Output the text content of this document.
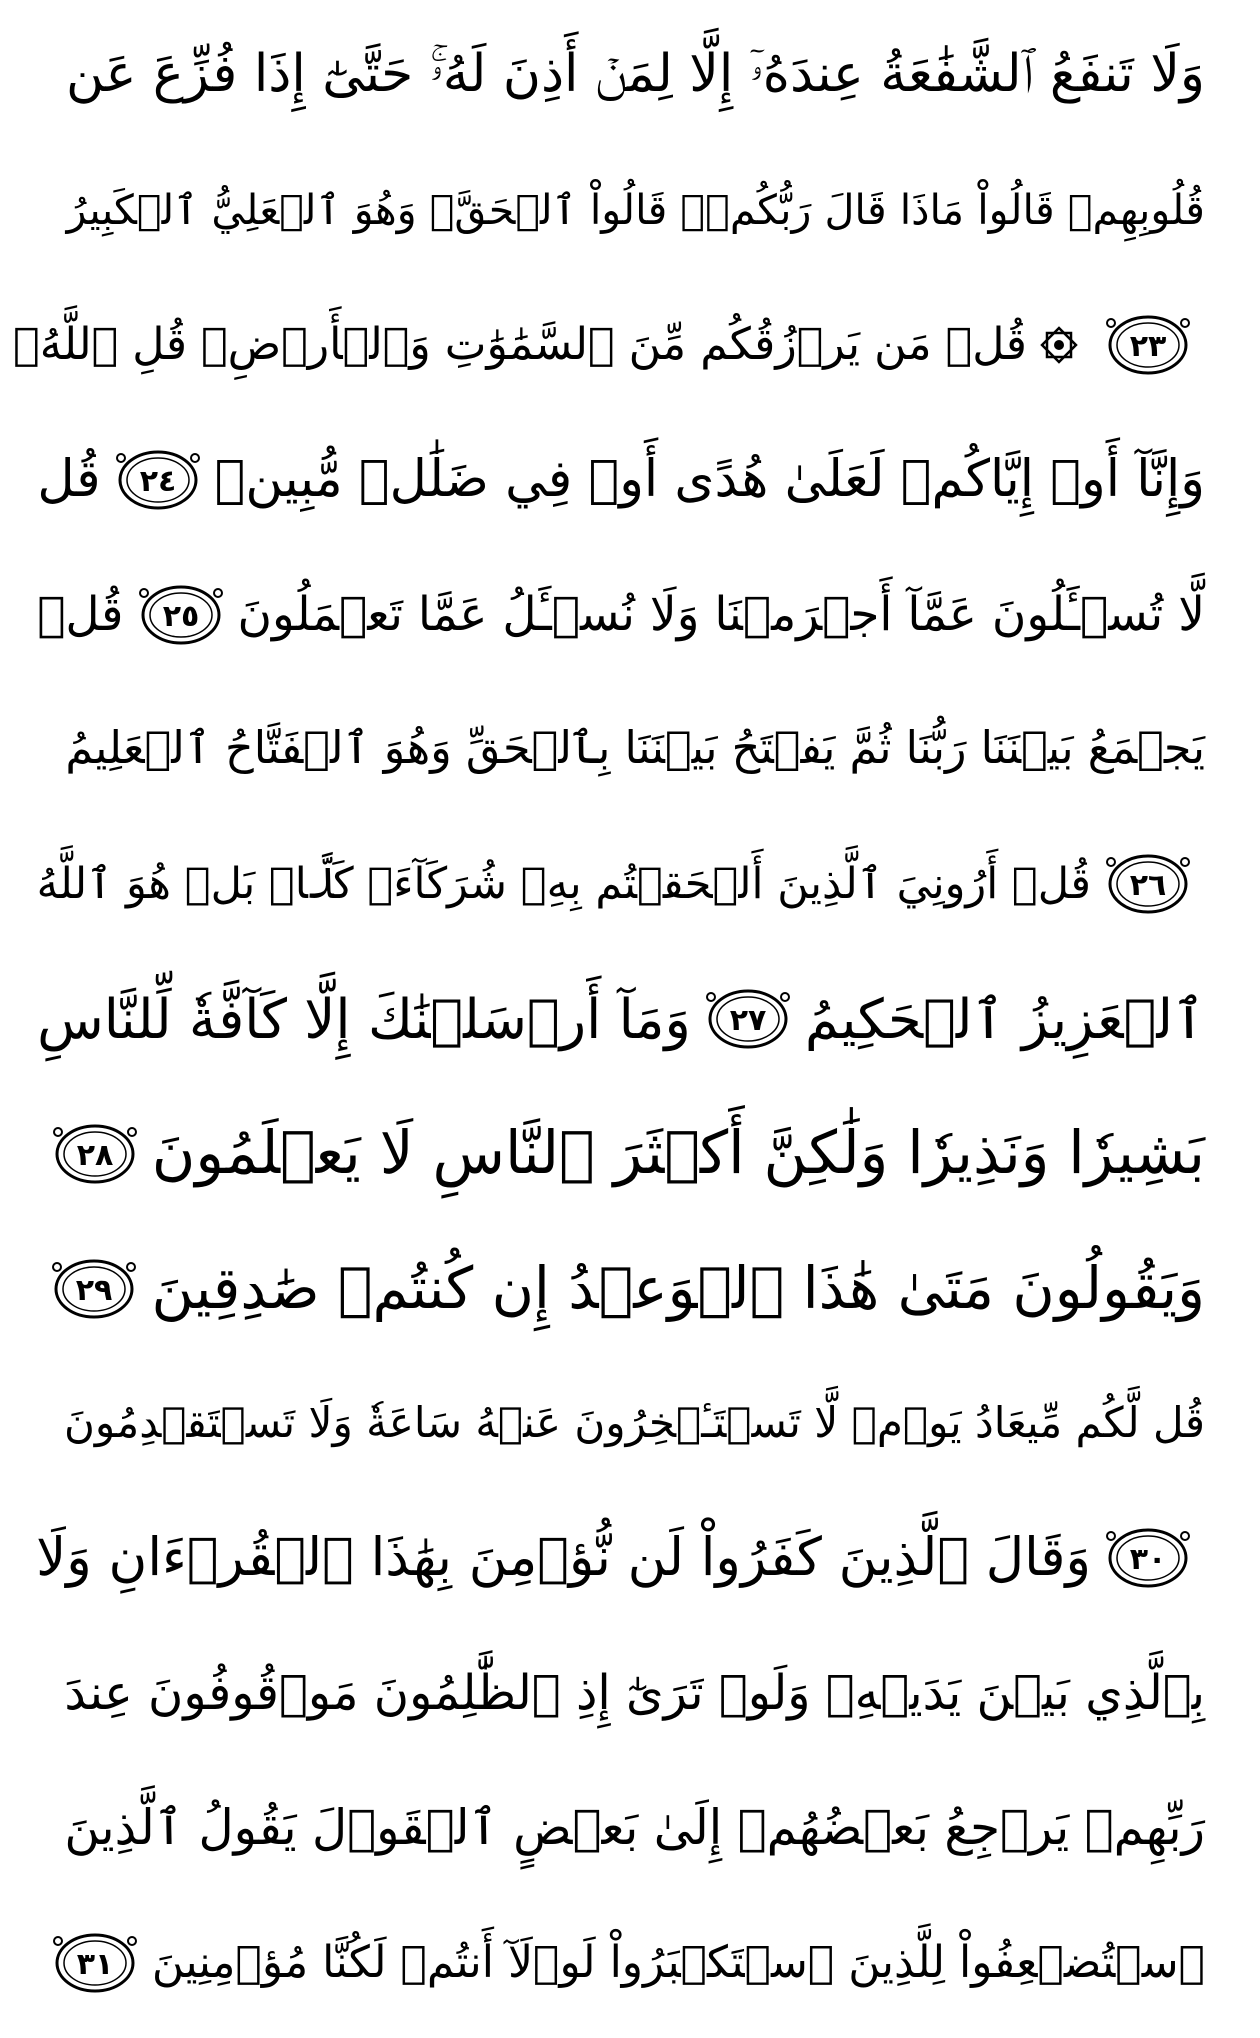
وَلَا تَنفَعُ ٱلشَّفَٰعَةُ عِندَهُۥٓ إِلَّا لِمَنۡ أَذِنَ لَهُۥۚ حَتَّىٰٓ إِذَا فُزِّعَ عَن
قُلُوبِهِمۡ قَالُواْ مَاذَا قَالَ رَبُّكُمۡۖ قَالُواْ ٱلۡحَقَّۖ وَهُوَ ٱلۡعَلِيُّ ٱلۡكَبِيرُ
٢٣
قُلۡ مَن يَرۡزُقُكُم مِّنَ ٱلسَّمَٰوَٰتِ وَٱلۡأَرۡضِۖ قُلِ ٱللَّهُۖ
وَإِنَّآ أَوۡ إِيَّاكُمۡ لَعَلَىٰ هُدًى أَوۡ فِي ضَلَٰلٖ مُّبِينٖ
٢٤
قُل
لَّا تُسۡـَٔلُونَ عَمَّآ أَجۡرَمۡنَا وَلَا نُسۡـَٔلُ عَمَّا تَعۡمَلُونَ
٢٥
قُلۡ
يَجۡمَعُ بَيۡنَنَا رَبُّنَا ثُمَّ يَفۡتَحُ بَيۡنَنَا بِٱلۡحَقِّ وَهُوَ ٱلۡفَتَّاحُ ٱلۡعَلِيمُ
٢٦
قُلۡ أَرُونِيَ ٱلَّذِينَ أَلۡحَقۡتُم بِهِۦ شُرَكَآءَۖ كَلَّاۚ بَلۡ هُوَ ٱللَّهُ
ٱلۡعَزِيزُ ٱلۡحَكِيمُ
٢٧
وَمَآ أَرۡسَلۡنَٰكَ إِلَّا كَآفَّةٗ لِّلنَّاسِ
بَشِيرٗا وَنَذِيرٗا وَلَٰكِنَّ أَكۡثَرَ ٱلنَّاسِ لَا يَعۡلَمُونَ
٢٨
وَيَقُولُونَ مَتَىٰ هَٰذَا ٱلۡوَعۡدُ إِن كُنتُمۡ صَٰدِقِينَ
٢٩
قُل لَّكُم مِّيعَادُ يَوۡمٖ لَّا تَسۡتَـٔۡخِرُونَ عَنۡهُ سَاعَةٗ وَلَا تَسۡتَقۡدِمُونَ
٣٠
وَقَالَ ٱلَّذِينَ كَفَرُواْ لَن نُّؤۡمِنَ بِهَٰذَا ٱلۡقُرۡءَانِ وَلَا
بِٱلَّذِي بَيۡنَ يَدَيۡهِۗ وَلَوۡ تَرَىٰٓ إِذِ ٱلظَّٰلِمُونَ مَوۡقُوفُونَ عِندَ
رَبِّهِمۡ يَرۡجِعُ بَعۡضُهُمۡ إِلَىٰ بَعۡضٍ ٱلۡقَوۡلَ يَقُولُ ٱلَّذِينَ
ٱسۡتُضۡعِفُواْ لِلَّذِينَ ٱسۡتَكۡبَرُواْ لَوۡلَآ أَنتُمۡ لَكُنَّا مُؤۡمِنِينَ
٣١
